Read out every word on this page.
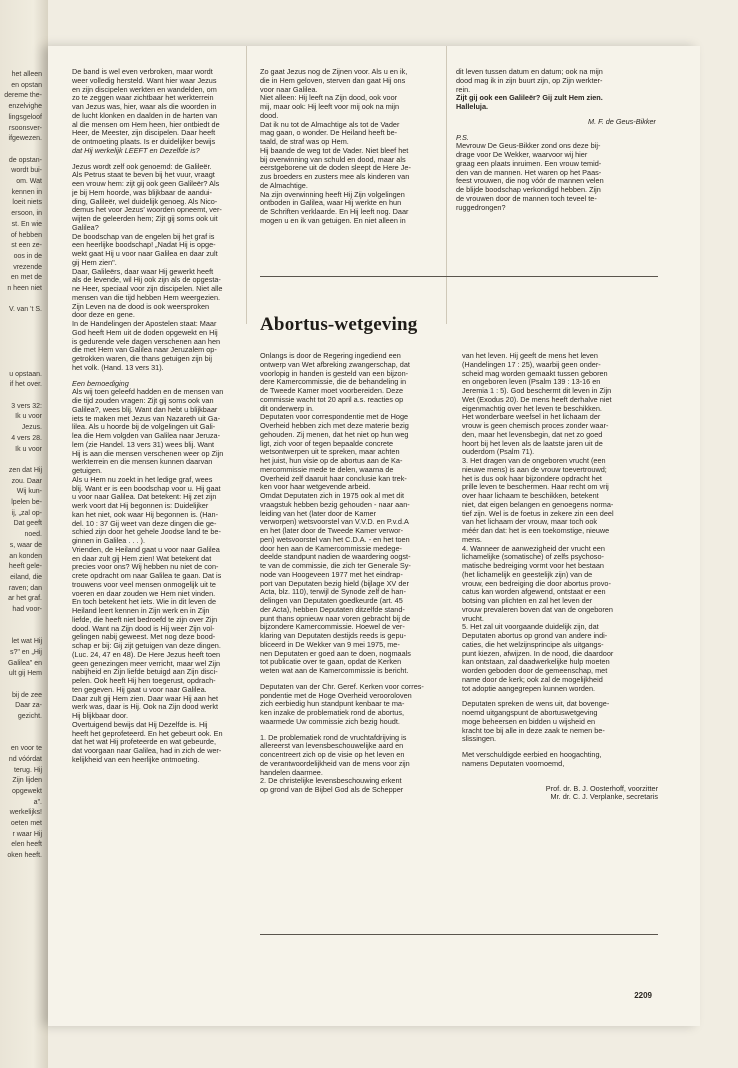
het alleen
en opstan
dereme the-
enzelvighe
lingsgeloof
rsoonsver-
ifgewezen.
de opstan-
wordt bui-
om. Wat
kennen in
loeit niets
ersoon, in
st. En wie
of hebben
st een ze-
oos in de
vrezende
en met de
n heen niet
V. van 't S.
u opstaan.
if het over.
3 vers 32:
Ik u voor
Jezus.
4 vers 28.
Ik u voor
zen dat Hij
zou. Daar
Wij kun-
lpelen be-
ij, „zal op-
Dat geeft
noed.
s, waar de
an konden
heeft gele-
eiland, die
raven; dan
ar het graf.
had voor-
let wat Hij
s?" en „Hij
Galilea" en
ult gij Hem
bij de zee
Daar za-
gezicht.
en voor te
nd vóórdat
terug. Hij
Zijn lijden
opgewekt
a".
werkelijks!
oeten met
r waar Hij
elen heeft
oken heeft.

De band is wel even verbroken, maar wordt

weer volledig hersteld. Want hier waar Jezus

en zijn discipelen werkten en wandelden, om

zo te zeggen waar zichtbaar het werkterrein

van Jezus was, hier, waar als die woorden in

de lucht klonken en daalden in de harten van

al die mensen om Hem heen, hier ontbiedt de

Heer, de Meester, zijn discipelen. Daar heeft

de ontmoeting plaats. Is er duidelijker bewijs

dat Hij werkelijk LEEFT en Dezelfde is?

Jezus wordt zelf ook genoemd: de Galileër.

Als Petrus staat te beven bij het vuur, vraagt

een vrouw hem: zijt gij ook geen Galileër? Als

je bij Hem hoorde, was blijkbaar de aandui-

ding, Galileër, wel duidelijk genoeg. Als Nico-

demus het voor Jezus' woorden opneemt, ver-

wijten de geleerden hem; Zijt gij soms ook uit

Galilea?

De boodschap van de engelen bij het graf is

een heerlijke boodschap! „Nadat Hij is opge-

wekt gaat Hij u voor naar Galilea en daar zult

gij Hem zien".

Daar, Galileërs, daar waar Hij gewerkt heeft

als de levende, wil Hij ook zijn als de opgesta-

ne Heer, speciaal voor zijn discipelen. Niet alle

mensen van die tijd hebben Hem weergezien.

Zijn Leven na de dood is ook weersproken

door deze en gene.

In de Handelingen der Apostelen staat: Maar

God heeft Hem uit de doden opgewekt en Hij

is gedurende vele dagen verschenen aan hen

die met Hem van Galilea naar Jeruzalem op-

getrokken waren, die thans getuigen zijn bij

het volk. (Hand. 13 vers 31).

Een bemoediging

Als wij toen geleefd hadden en de mensen van

die tijd zouden vragen: Zijt gij soms ook van

Galilea?, wees blij. Want dan hebt u blijkbaar

iets te maken met Jezus van Nazareth uit Ga-

lilea. Als u hoorde bij de volgelingen uit Gali-

lea die Hem volgden van Galilea naar Jeruza-

lem (zie Handel. 13 vers 31) wees blij. Want

Hij is aan die mensen verschenen weer op Zijn

werkterrein en die mensen kunnen daarvan

getuigen.

Als u Hem nu zoekt in het ledige graf, wees

blij. Want er is een boodschap voor u. Hij gaat

u voor naar Galilea. Dat betekent: Hij zet zijn

werk voort dat Hij begonnen is: Duidelijker

kan het niet, ook waar Hij begonnen is. (Han-

del. 10 : 37 Gij weet van deze dingen die ge-

schied zijn door het gehele Joodse land te be-

ginnen in Galilea . . . ).

Vrienden, de Heiland gaat u voor naar Galilea

en daar zult gij Hem zien! Wat betekent dat

precies voor ons? Wij hebben nu niet de con-

crete opdracht om naar Galilea te gaan. Dat is

trouwens voor veel mensen onmogelijk uit te

voeren en daar zouden we Hem niet vinden.

En toch betekent het iets. Wie in dit leven de

Heiland leert kennen in Zijn werk en in Zijn

liefde, die heeft niet bedroefd te zijn over Zijn

dood. Want na Zijn dood is Hij weer Zijn vol-

gelingen nabij geweest. Met nog deze bood-

schap er bij: Gij zijt getuigen van deze dingen.

(Luc. 24, 47 en 48). De Here Jezus heeft toen

geen genezingen meer verricht, maar wel Zijn

nabijheid en Zijn liefde betuigd aan Zijn disci-

pelen. Ook heeft Hij hen toegerust, opdrach-

ten gegeven. Hij gaat u voor naar Galilea.

Daar zult gij Hem zien. Daar waar Hij aan het

werk was, daar is Hij. Ook na Zijn dood werkt

Hij blijkbaar door.

Overtuigend bewijs dat Hij Dezelfde is. Hij

heeft het geprofeteerd. En het gebeurt ook. En

dat het wat Hij profeteerde en wat gebeurde,

dat voorgaan naar Galilea, had in zich de wer-

kelijkheid van een heerlijke ontmoeting.

Zo gaat Jezus nog de Zijnen voor. Als u en ik,

die in Hem geloven, sterven dan gaat Hij ons

voor naar Galilea.

Niet alleen: Hij leeft na Zijn dood, ook voor

mij, maar ook: Hij leeft voor mij ook na mijn

dood.

Dat ik nu tot de Almachtige als tot de Vader

mag gaan, o wonder. De Heiland heeft be-

taald, de straf was op Hem.

Hij baande de weg tot de Vader. Niet bleef het

bij overwinning van schuld en dood, maar als

eerstgeborene uit de doden sleept de Here Je-

zus broeders en zusters mee als kinderen van

de Almachtige.

Na zijn overwinning heeft Hij Zijn volgelingen

ontboden in Galilea, waar Hij werkte en hun

de Schriften verklaarde. En Hij leeft nog. Daar

mogen u en ik van getuigen. En niet alleen in

dit leven tussen datum en datum; ook na mijn

dood mag ik in zijn buurt zijn, op Zijn werkter-

rein.

Zijt gij ook een Galileër? Gij zult Hem zien.

Halleluja.

M. F. de Geus-Bikker

P.S.

Mevrouw De Geus-Bikker zond ons deze bij-

drage voor De Wekker, waarvoor wij hier

graag een plaats inruimen. Een vrouw temid-

den van de mannen. Het waren op het Paas-

feest vrouwen, die nog vóór de mannen velen

de blijde boodschap verkondigd hebben. Zijn

de vrouwen door de mannen toch teveel te-

ruggedrongen?

Abortus-wetgeving

Onlangs is door de Regering ingediend een

ontwerp van Wet afbreking zwangerschap, dat

voorlopig in handen is gesteld van een bijzon-

dere Kamercommissie, die de behandeling in

de Tweede Kamer moet voorbereiden. Deze

commissie wacht tot 20 april a.s. reacties op

dit onderwerp in.

Deputaten voor correspondentie met de Hoge

Overheid hebben zich met deze materie bezig

gehouden. Zij menen, dat het niet op hun weg

ligt, zich voor of tegen bepaalde concrete

wetsontwerpen uit te spreken, maar achten

het juist, hun visie op de abortus aan de Ka-

mercommissie mede te delen, waarna de

Overheid zelf daaruit haar conclusie kan trek-

ken voor haar wetgevende arbeid.

Omdat Deputaten zich in 1975 ook al met dit

vraagstuk hebben bezig gehouden - naar aan-

leiding van het (later door de Kamer

verworpen) wetsvoorstel van V.V.D. en P.v.d.A

en het (later door de Tweede Kamer verwor-

pen) wetsvoorstel van het C.D.A. - en het toen

door hen aan de Kamercommissie medege-

deelde standpunt nadien de waardering oogst-

te van de commissie, die zich ter Generale Sy-

node van Hoogeveen 1977 met het eindrap-

port van Deputaten bezig hield (bijlage XV der

Acta, blz. 110), terwijl de Synode zelf de han-

delingen van Deputaten goedkeurde (art. 45

der Acta), hebben Deputaten ditzelfde stand-

punt thans opnieuw naar voren gebracht bij de

bijzondere Kamercommissie. Hoewel de ver-

klaring van Deputaten destijds reeds is gepu-

bliceerd in De Wekker van 9 mei 1975, me-

nen Deputaten er goed aan te doen, nogmaals

tot publicatie over te gaan, opdat de Kerken

weten wat aan de Kamercommissie is bericht.

Deputaten van der Chr. Geref. Kerken voor corres-

pondentie met de Hoge Overheid verooroloven

zich eerbiedig hun standpunt kenbaar te ma-

ken inzake de problematiek rond de abortus,

waarmede Uw commissie zich bezig houdt.

1. De problematiek rond de vruchtafdrijving is

allereerst van levensbeschouwelijke aard en

concentreert zich op de visie op het leven en

de verantwoordelijkheid van de mens voor zijn

handelen daarmee.

2. De christelijke levensbeschouwing erkent

op grond van de Bijbel God als de Schepper

van het leven. Hij geeft de mens het leven

(Handelingen 17 : 25), waarbij geen onder-

scheid mag worden gemaakt tussen geboren

en ongeboren leven (Psalm 139 : 13-16 en

Jeremia 1 : 5). God beschermt dit leven in Zijn

Wet (Exodus 20). De mens heeft derhalve niet

eigenmachtig over het leven te beschikken.

Het wonderbare weefsel in het lichaam der

vrouw is geen chemisch proces zonder waar-

den, maar het levensbegin, dat net zo goed

hoort bij het leven als de laatste jaren uit de

ouderdom (Psalm 71).

3. Het dragen van de ongeboren vrucht (een

nieuwe mens) is aan de vrouw toevertrouwd;

het is dus ook haar bijzondere opdracht het

prille leven te beschermen. Haar recht om vrij

over haar lichaam te beschikken, betekent

niet, dat eigen belangen en genoegens norma-

tief zijn. Wel is de foetus in zekere zin een deel

van het lichaam der vrouw, maar toch ook

méér dan dat: het is een toekomstige, nieuwe

mens.

4. Wanneer de aanwezigheid der vrucht een

lichamelijke (somatische) of zelfs psychoso-

matische bedreiging vormt voor het bestaan

(het lichamelijk en geestelijk zijn) van de

vrouw, een bedreiging die door abortus provo-

catus kan worden afgewend, ontstaat er een

botsing van plichten en zal het leven der

vrouw prevaleren boven dat van de ongeboren

vrucht.

5. Het zal uit voorgaande duidelijk zijn, dat

Deputaten abortus op grond van andere indi-

caties, die het welzijnsprincipe als uitgangs-

punt kiezen, afwijzen. In de nood, die daardoor

kan ontstaan, zal daadwerkelijke hulp moeten

worden geboden door de gemeenschap, met

name door de kerk; ook zal de mogelijkheid

tot adoptie aangegrepen kunnen worden.

Deputaten spreken de wens uit, dat bovenge-

noemd uitgangspunt de abortuswetgeving

moge beheersen en bidden u wijsheid en

kracht toe bij alle in deze zaak te nemen be-

slissingen.

Met verschuldigde eerbied en hoogachting,

namens Deputaten voornoemd,

Prof. dr. B. J. Oosterhoff, voorzitter

Mr. dr. C. J. Verplanke, secretaris

2209
